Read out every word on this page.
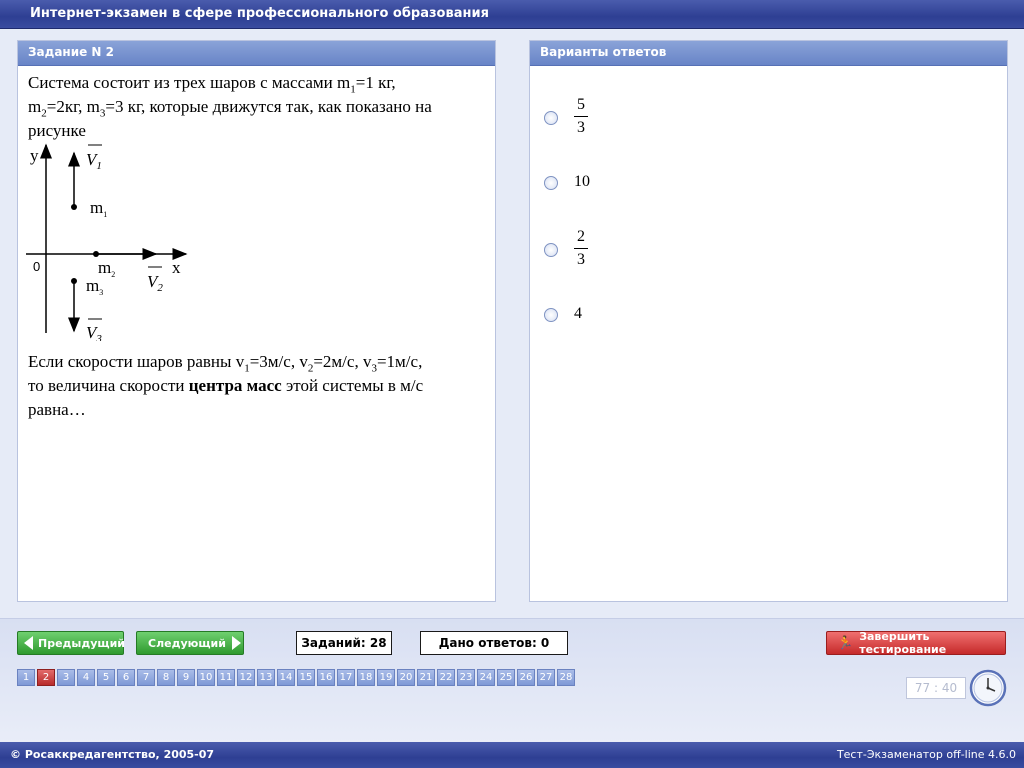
Интернет-экзамен в сфере профессионального образования
Задание N 2
Система состоит из трех шаров с массами $m_1=1$ кг,
$m_2=2кг$, $m_3=3$ кг, которые движутся так, как показано на
рисунке
y
x
0
$V_1$
$m_1$
$m_2$ $V_2$
$m_3$
$V_3$
Если скорости шаров равны $v_1=3м/с$, $v_2=2м/с$, $v_3=1м/с$,
то величина скорости центра масс этой системы в м/с
равна…
Варианты ответов
5
3
10
2
3
4
Предыдущий Следующий	Заданий: 28	Дано ответов: 0	🏃 Завершить тестирование
1	2	3	4	5	6	7	8	9	10 11 12 13 14 15 16 17 18 19 20 21 22 23 24 25 26 27 28
77 : 40
© Росаккредагентство, 2005-07	Тест-Экзаменатор off-line 4.6.0
